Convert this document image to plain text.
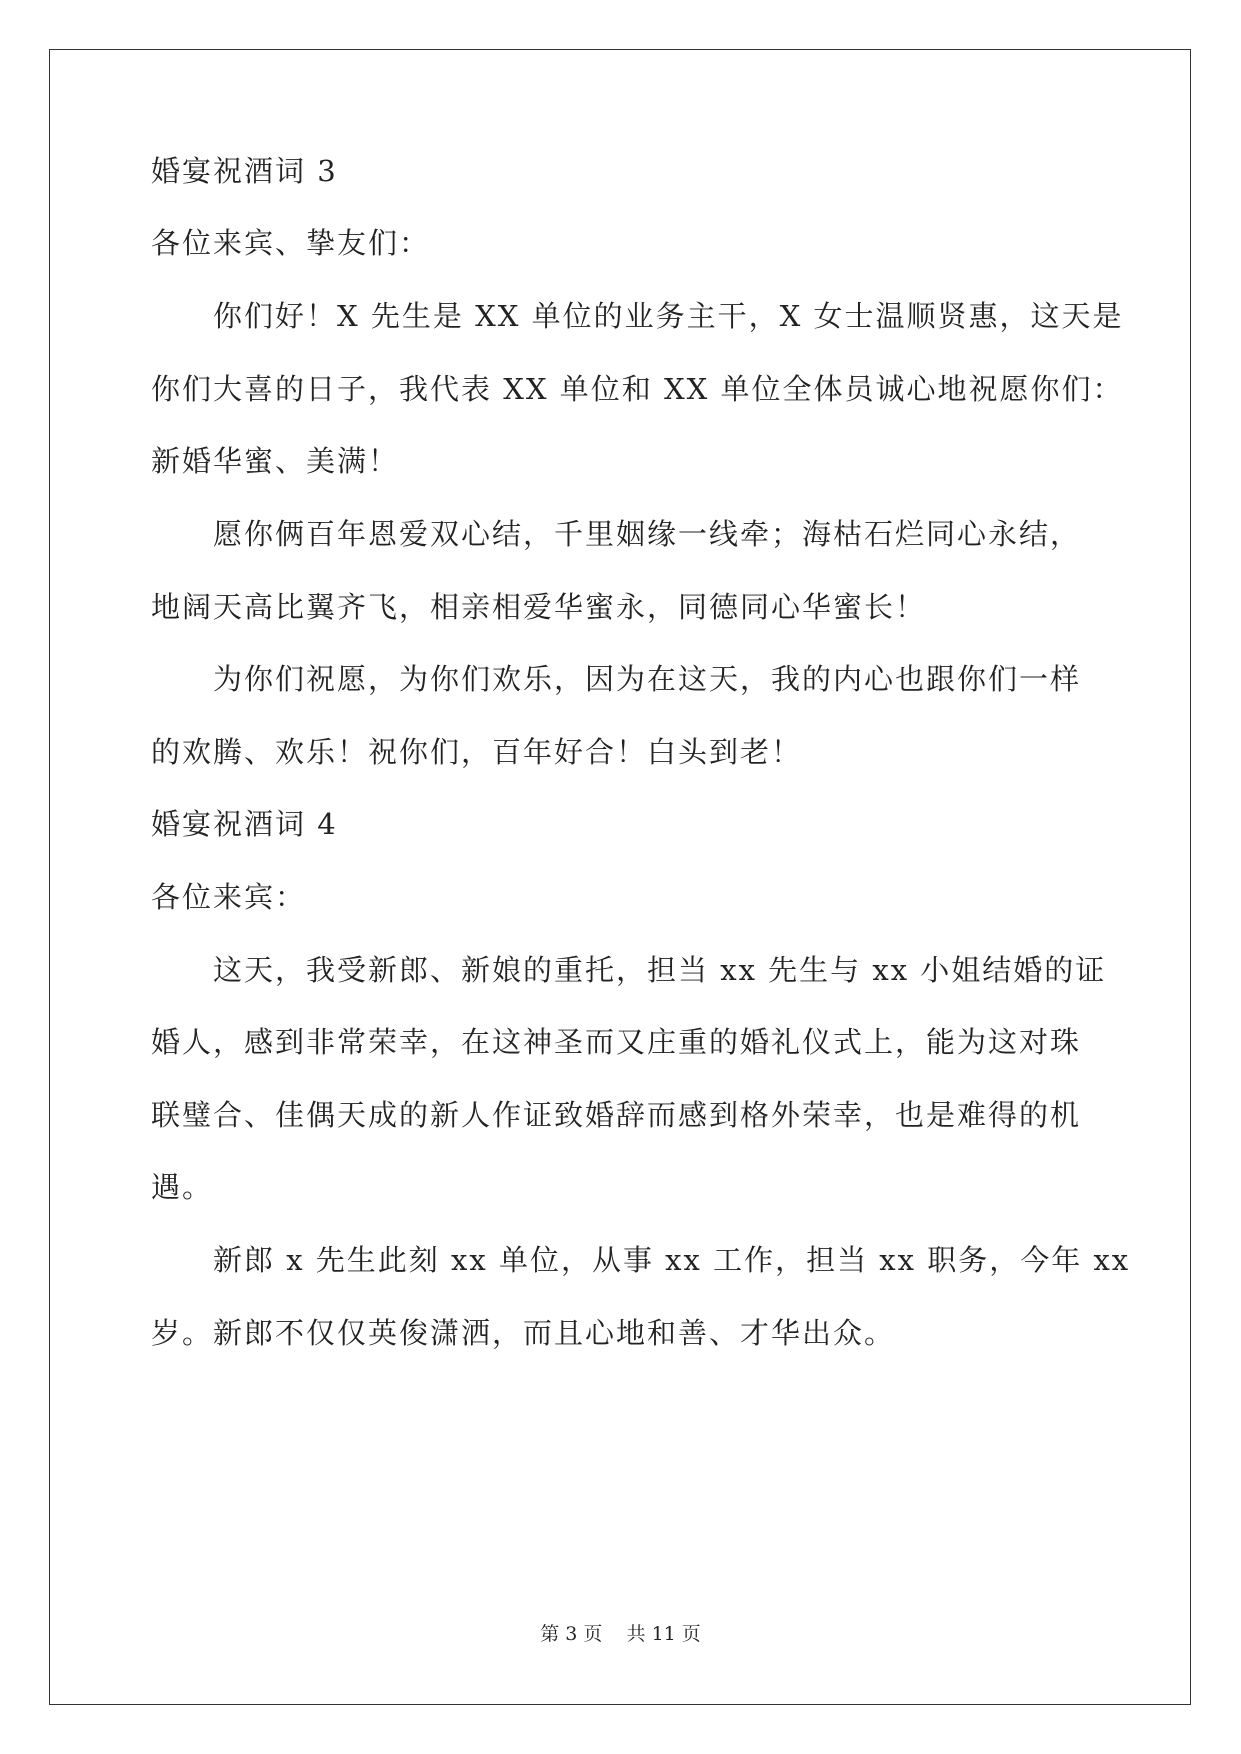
婚宴祝酒词 3
各位来宾、挚友们：
你们好！X 先生是 XX 单位的业务主干，X 女士温顺贤惠，这天是
你们大喜的日子，我代表 XX 单位和 XX 单位全体员诚心地祝愿你们：
新婚华蜜、美满！
愿你俩百年恩爱双心结，千里姻缘一线牵；海枯石烂同心永结，
地阔天高比翼齐飞，相亲相爱华蜜永，同德同心华蜜长！
为你们祝愿，为你们欢乐，因为在这天，我的内心也跟你们一样
的欢腾、欢乐！祝你们，百年好合！白头到老！
婚宴祝酒词 4
各位来宾：
这天，我受新郎、新娘的重托，担当 xx 先生与 xx 小姐结婚的证
婚人，感到非常荣幸，在这神圣而又庄重的婚礼仪式上，能为这对珠
联璧合、佳偶天成的新人作证致婚辞而感到格外荣幸，也是难得的机
遇。
新郎 x 先生此刻 xx 单位，从事 xx 工作，担当 xx 职务，今年 xx
岁。新郎不仅仅英俊潇洒，而且心地和善、才华出众。
第 3 页 共 11 页
